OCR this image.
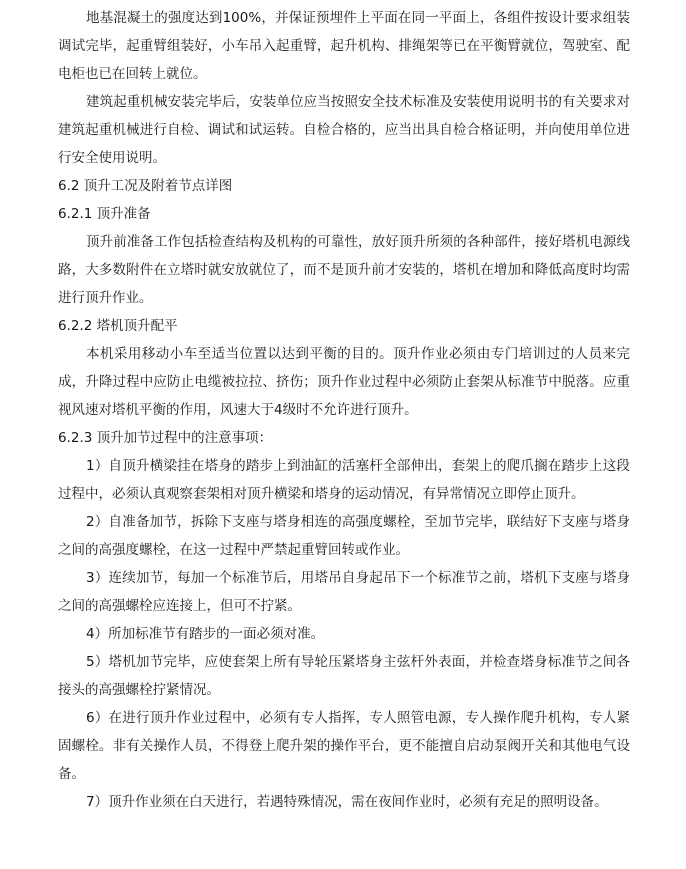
地基混凝土的强度达到100%，并保证预埋件上平面在同一平面上，各组件按设计要求组装调试完毕，起重臂组装好，小车吊入起重臂，起升机构、排绳架等已在平衡臂就位，驾驶室、配电柜也已在回转上就位。

建筑起重机械安装完毕后，安装单位应当按照安全技术标准及安装使用说明书的有关要求对建筑起重机械进行自检、调试和试运转。自检合格的，应当出具自检合格证明，并向使用单位进行安全使用说明。

6.2 顶升工况及附着节点详图

6.2.1 顶升准备

顶升前准备工作包括检查结构及机构的可靠性，放好顶升所须的各种部件，接好塔机电源线路，大多数附件在立塔时就安放就位了，而不是顶升前才安装的，塔机在增加和降低高度时均需进行顶升作业。

6.2.2 塔机顶升配平

本机采用移动小车至适当位置以达到平衡的目的。顶升作业必须由专门培训过的人员来完成，升降过程中应防止电缆被拉拉、挤伤；顶升作业过程中必须防止套架从标准节中脱落。应重视风速对塔机平衡的作用，风速大于4级时不允许进行顶升。

6.2.3 顶升加节过程中的注意事项：

1）自顶升横梁挂在塔身的踏步上到油缸的活塞杆全部伸出，套架上的爬爪搁在踏步上这段过程中，必须认真观察套架相对顶升横梁和塔身的运动情况，有异常情况立即停止顶升。

2）自准备加节，拆除下支座与塔身相连的高强度螺栓，至加节完毕，联结好下支座与塔身之间的高强度螺栓，在这一过程中严禁起重臂回转或作业。

3）连续加节，每加一个标准节后，用塔吊自身起吊下一个标准节之前，塔机下支座与塔身之间的高强螺栓应连接上，但可不拧紧。

4）所加标准节有踏步的一面必须对准。

5）塔机加节完毕，应使套架上所有导轮压紧塔身主弦杆外表面，并检查塔身标准节之间各接头的高强螺栓拧紧情况。

6）在进行顶升作业过程中，必须有专人指挥，专人照管电源，专人操作爬升机构，专人紧固螺栓。非有关操作人员，不得登上爬升架的操作平台，更不能擅自启动泵阀开关和其他电气设备。

7）顶升作业须在白天进行，若遇特殊情况，需在夜间作业时，必须有充足的照明设备。
